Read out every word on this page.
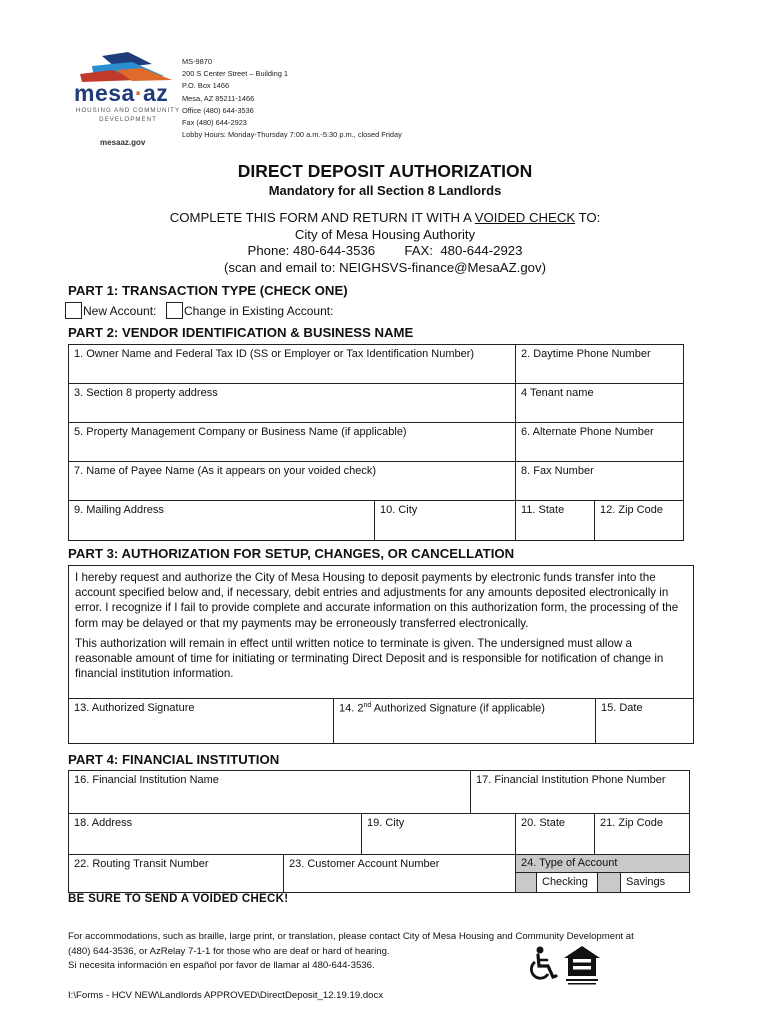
mesa·az
HOUSING AND COMMUNITY DEVELOPMENT
mesaaz.gov
MS-9870
200 S Center Street – Building 1
P.O. Box 1466
Mesa, AZ 85211-1466
Office (480) 644-3536
Fax (480) 644-2923
Lobby Hours: Monday-Thursday 7:00 a.m.-5:30 p.m., closed Friday
DIRECT DEPOSIT AUTHORIZATION
Mandatory for all Section 8 Landlords
COMPLETE THIS FORM AND RETURN IT WITH A VOIDED CHECK TO:
City of Mesa Housing Authority
Phone: 480-644-3536        FAX:  480-644-2923
(scan and email to: NEIGHSVS-finance@MesaAZ.gov)
PART 1: TRANSACTION TYPE (CHECK ONE)
New Account: Change in Existing Account:
PART 2: VENDOR IDENTIFICATION & BUSINESS NAME
1. Owner Name and Federal Tax ID (SS or Employer or Tax Identification Number)	2. Daytime Phone Number
3. Section 8 property address	4 Tenant name
5. Property Management Company or Business Name (if applicable)	6. Alternate Phone Number
7. Name of Payee Name (As it appears on your voided check)	8. Fax Number
9. Mailing Address	10. City	11. State	12. Zip Code
PART 3: AUTHORIZATION FOR SETUP, CHANGES, OR CANCELLATION

I hereby request and authorize the City of Mesa Housing to deposit payments by electronic funds transfer into the account specified below and, if necessary, debit entries and adjustments for any amounts deposited electronically in error. I recognize if I fail to provide complete and accurate information on this authorization form, the processing of the form may be delayed or that my payments may be erroneously transferred electronically.

This authorization will remain in effect until written notice to terminate is given. The undersigned must allow a reasonable amount of time for initiating or terminating Direct Deposit and is responsible for notification of change in financial institution information.

13. Authorized Signature	14. 2nd Authorized Signature (if applicable)	15. Date
PART 4: FINANCIAL INSTITUTION
16. Financial Institution Name	17. Financial Institution Phone Number
18. Address	19. City	20. State	21. Zip Code
22. Routing Transit Number	23. Customer Account Number	24. Type of Account
Checking	Savings
BE SURE TO SEND A VOIDED CHECK!
For accommodations, such as braille, large print, or translation, please contact City of Mesa Housing and Community Development at
(480) 644-3536, or AzRelay 7-1-1 for those who are deaf or hard of hearing.
Si necesita información en español por favor de llamar al 480-644-3536.
I:\Forms - HCV NEW\Landlords APPROVED\DirectDeposit_12.19.19.docx
